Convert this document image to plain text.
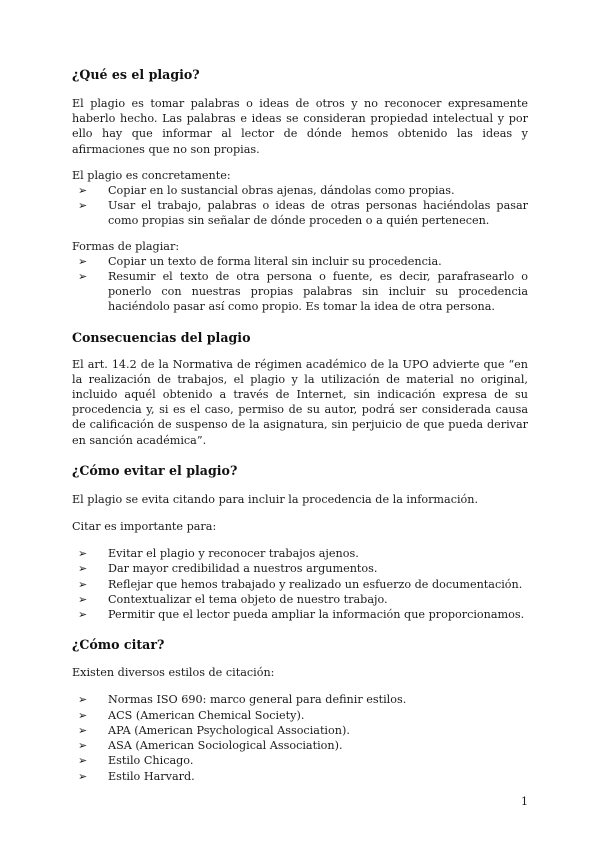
¿Qué es el plagio?

El plagio es tomar palabras o ideas de otros y no reconocer expresamente haberlo hecho. Las palabras e ideas se consideran propiedad intelectual y por ello hay que informar al lector de dónde hemos obtenido las ideas y afirmaciones que no son propias.

El plagio es concretamente:

➢ Copiar en lo sustancial obras ajenas, dándolas como propias.
➢ Usar el trabajo, palabras o ideas de otras personas haciéndolas pasar como propias sin señalar de dónde proceden o a quién pertenecen.

Formas de plagiar:

➢ Copiar un texto de forma literal sin incluir su procedencia.
➢ Resumir el texto de otra persona o fuente, es decir, parafrasearlo o ponerlo con nuestras propias palabras sin incluir su procedencia haciéndolo pasar así como propio. Es tomar la idea de otra persona.
Consecuencias del plagio

El art. 14.2 de la Normativa de régimen académico de la UPO advierte que “en la realización de trabajos, el plagio y la utilización de material no original, incluido aquél obtenido a través de Internet, sin indicación expresa de su procedencia y, si es el caso, permiso de su autor, podrá ser considerada causa de calificación de suspenso de la asignatura, sin perjuicio de que pueda derivar en sanción académica”.

¿Cómo evitar el plagio?

El plagio se evita citando para incluir la procedencia de la información.

Citar es importante para:

➢ Evitar el plagio y reconocer trabajos ajenos.
➢ Dar mayor credibilidad a nuestros argumentos.
➢ Reflejar que hemos trabajado y realizado un esfuerzo de documentación.
➢ Contextualizar el tema objeto de nuestro trabajo.
➢ Permitir que el lector pueda ampliar la información que proporcionamos.
¿Cómo citar?

Existen diversos estilos de citación:

➢ Normas ISO 690: marco general para definir estilos.
➢ ACS (American Chemical Society).
➢ APA (American Psychological Association).
➢ ASA (American Sociological Association).
➢ Estilo Chicago.
➢ Estilo Harvard.
1
